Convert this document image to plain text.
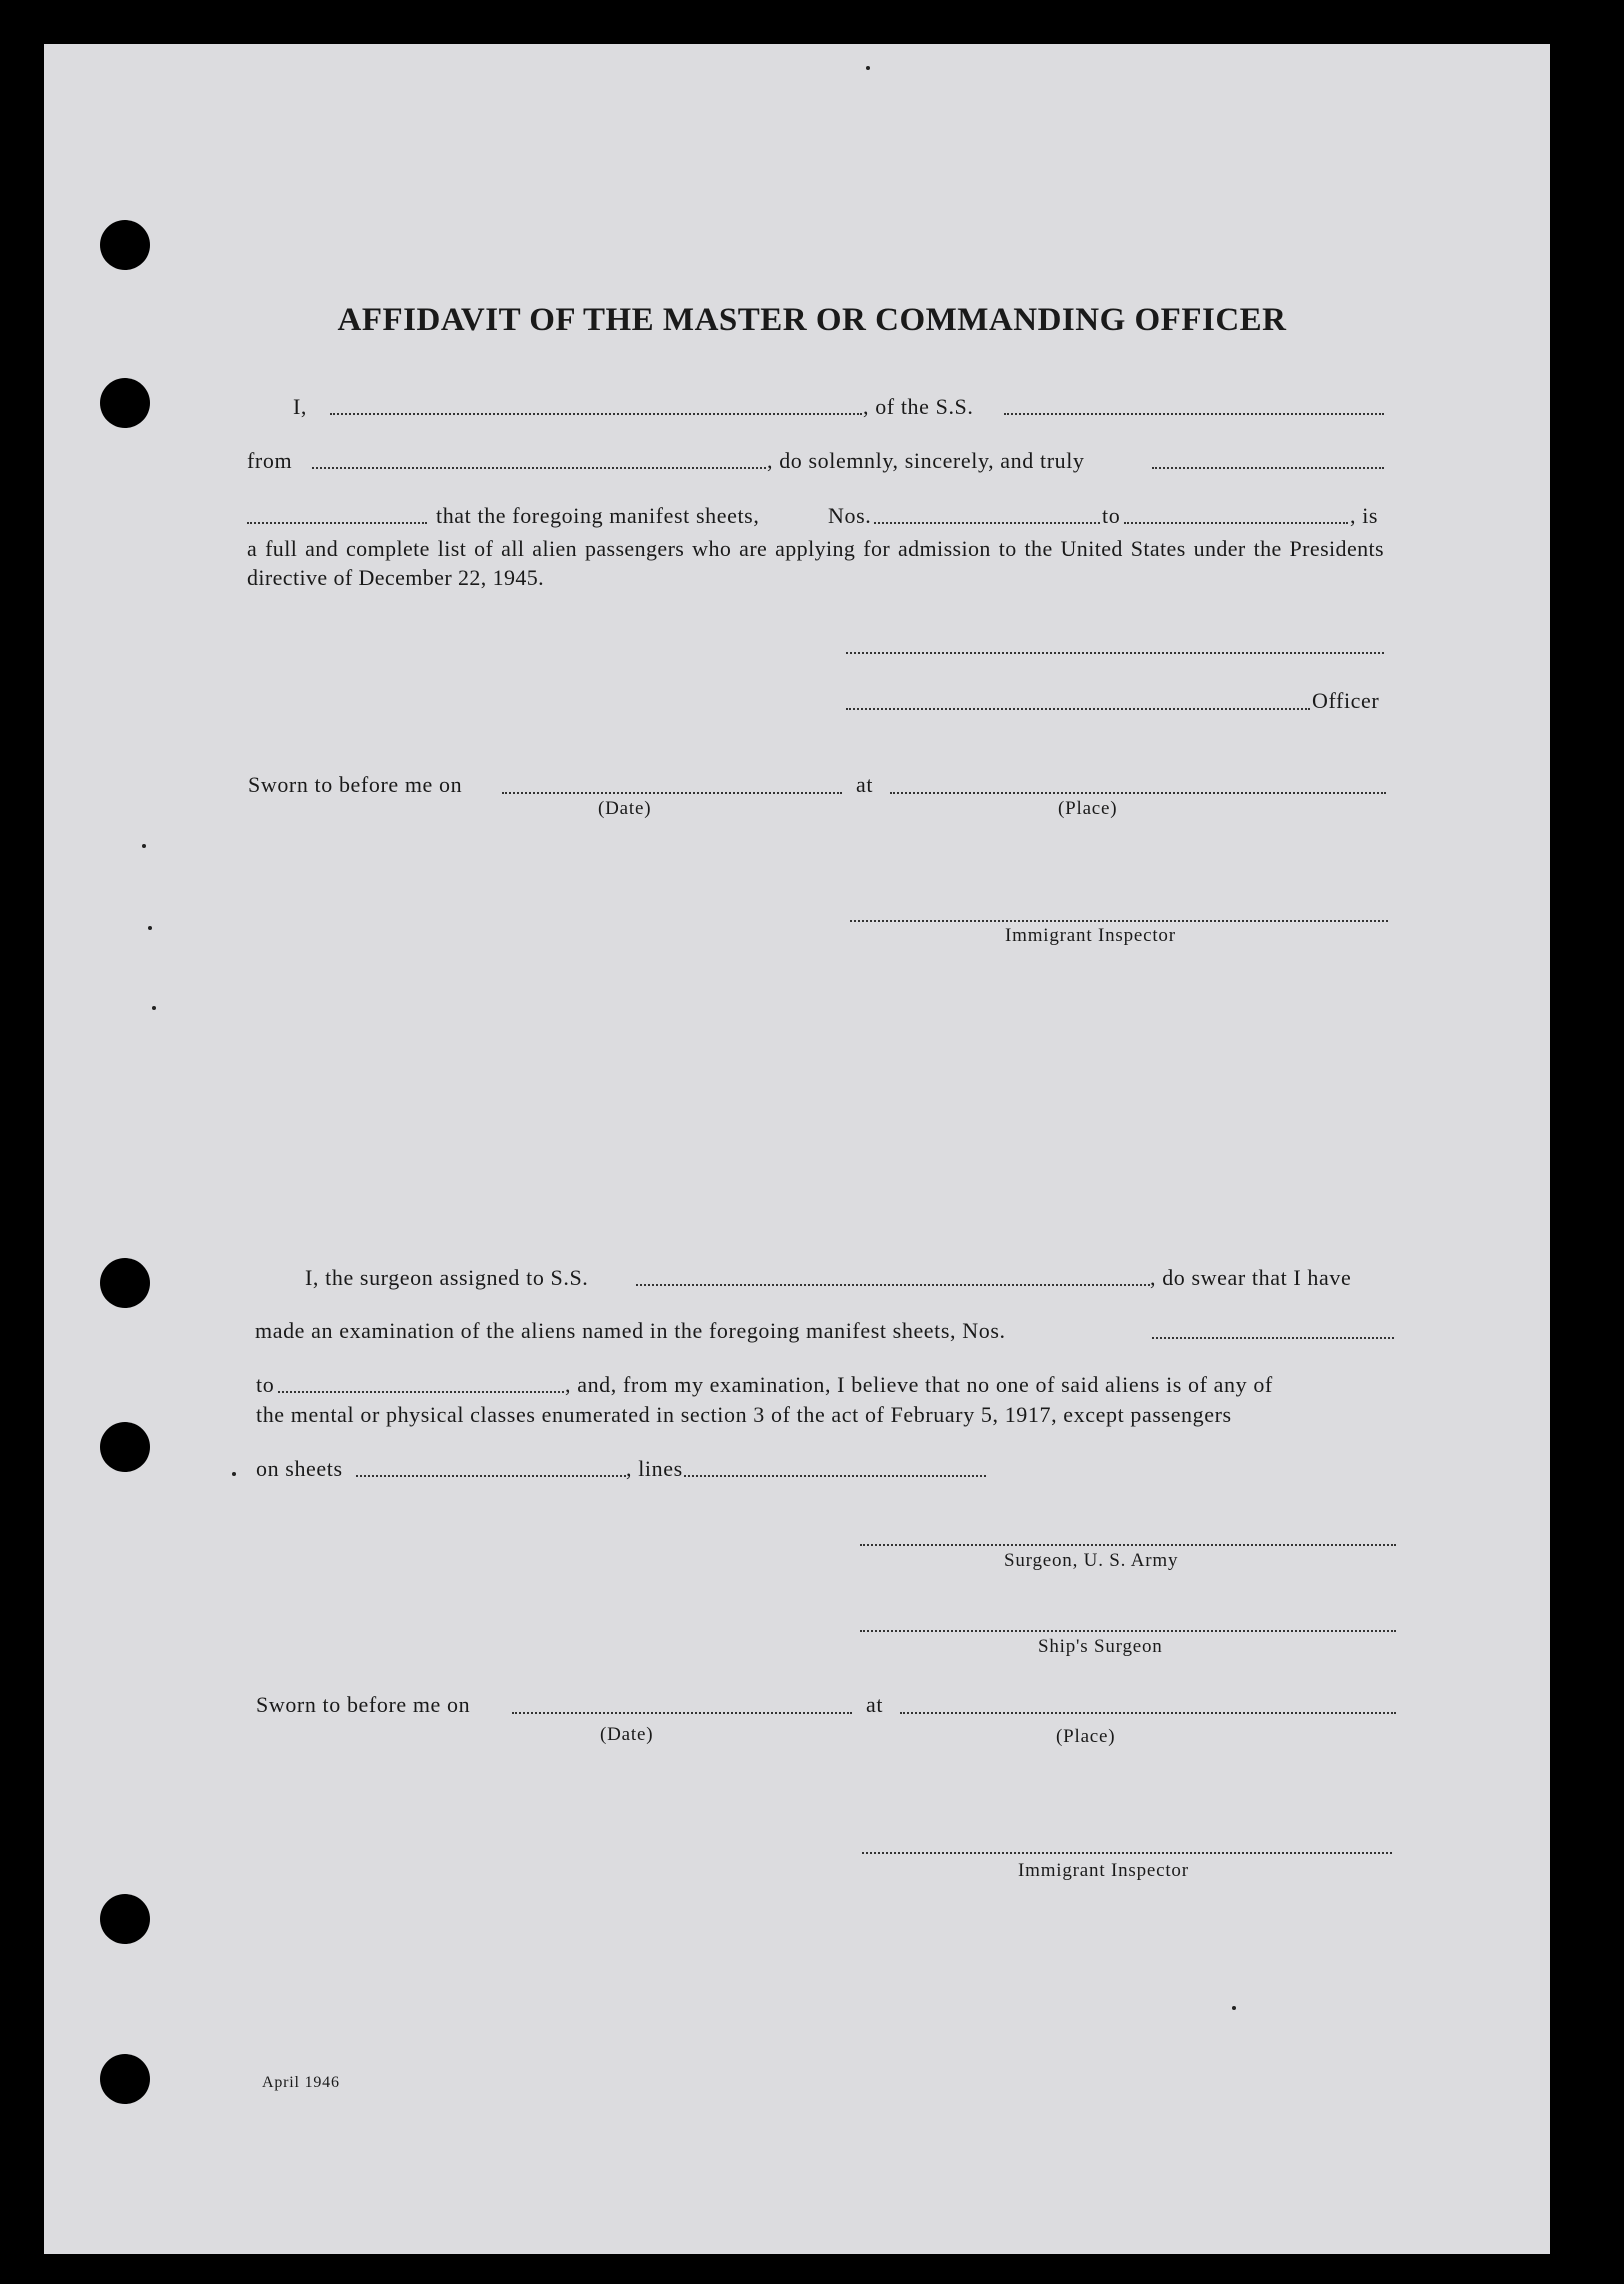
AFFIDAVIT OF THE MASTER OR COMMANDING OFFICER
I,	, of the S.S.
from	, do solemnly, sincerely, and truly
that the foregoing manifest sheets,	Nos.	to	, is
a full and complete list of all alien passengers who are applying for admission to the United States under the Presidents directive of December 22, 1945.
Officer
Sworn to before me on	at
(Date)	(Place)
Immigrant Inspector
I, the surgeon assigned to S.S.	, do swear that I have
made an examination of the aliens named in the foregoing manifest sheets, Nos.
to	, and, from my examination, I believe that no one of said aliens is of any of
the mental or physical classes enumerated in section 3 of the act of February 5, 1917, except passengers
on sheets	, lines
Surgeon, U. S. Army
Ship's Surgeon
Sworn to before me on	at
(Date)	(Place)
Immigrant Inspector
April 1946
